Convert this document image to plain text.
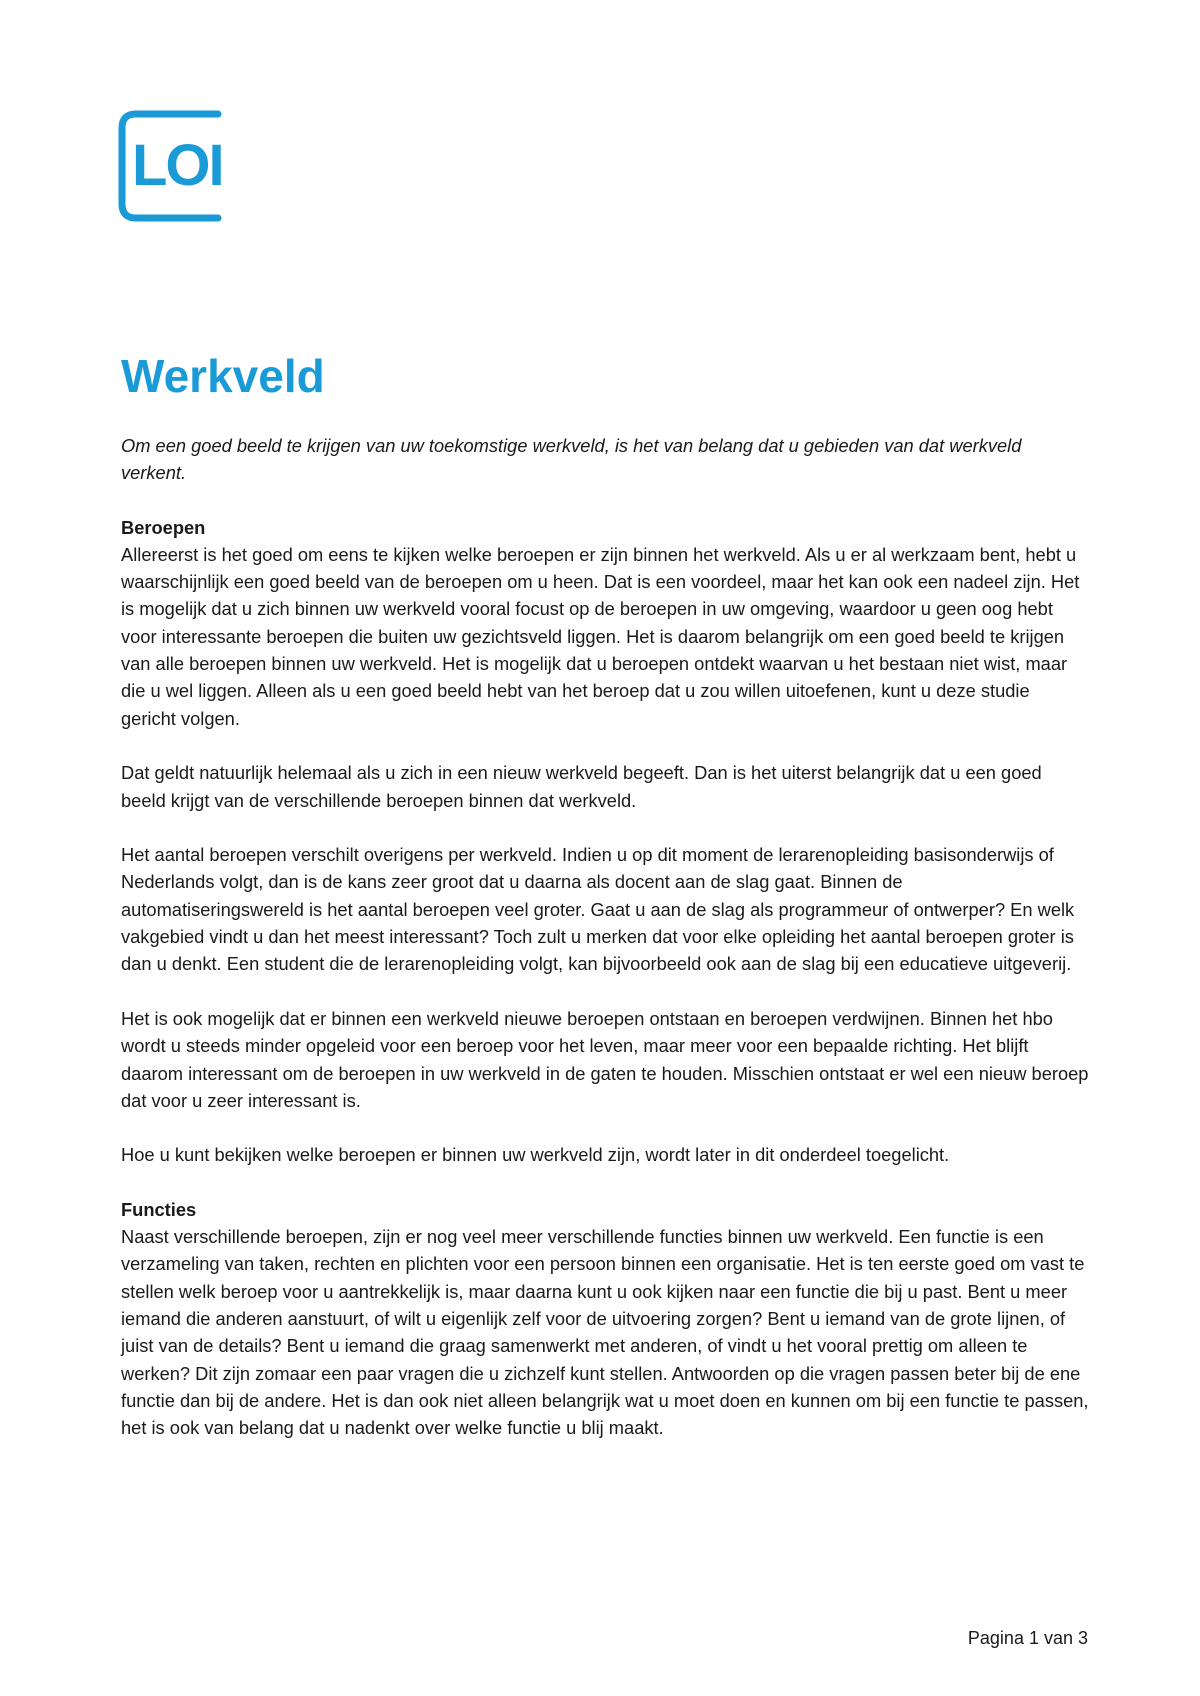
LOI
Werkveld

Om een goed beeld te krijgen van uw toekomstige werkveld, is het van belang dat u gebieden van dat werkveld verkent.

Beroepen

Allereerst is het goed om eens te kijken welke beroepen er zijn binnen het werkveld. Als u er al werkzaam bent, hebt u waarschijnlijk een goed beeld van de beroepen om u heen. Dat is een voordeel, maar het kan ook een nadeel zijn. Het is mogelijk dat u zich binnen uw werkveld vooral focust op de beroepen in uw omgeving, waardoor u geen oog hebt voor interessante beroepen die buiten uw gezichtsveld liggen. Het is daarom belangrijk om een goed beeld te krijgen van alle beroepen binnen uw werkveld. Het is mogelijk dat u beroepen ontdekt waarvan u het bestaan niet wist, maar die u wel liggen. Alleen als u een goed beeld hebt van het beroep dat u zou willen uitoefenen, kunt u deze studie gericht volgen.

Dat geldt natuurlijk helemaal als u zich in een nieuw werkveld begeeft. Dan is het uiterst belangrijk dat u een goed beeld krijgt van de verschillende beroepen binnen dat werkveld.

Het aantal beroepen verschilt overigens per werkveld. Indien u op dit moment de lerarenopleiding basisonderwijs of Nederlands volgt, dan is de kans zeer groot dat u daarna als docent aan de slag gaat. Binnen de automatiseringswereld is het aantal beroepen veel groter. Gaat u aan de slag als programmeur of ontwerper? En welk vakgebied vindt u dan het meest interessant? Toch zult u merken dat voor elke opleiding het aantal beroepen groter is dan u denkt. Een student die de lerarenopleiding volgt, kan bijvoorbeeld ook aan de slag bij een educatieve uitgeverij.

Het is ook mogelijk dat er binnen een werkveld nieuwe beroepen ontstaan en beroepen verdwijnen. Binnen het hbo wordt u steeds minder opgeleid voor een beroep voor het leven, maar meer voor een bepaalde richting. Het blijft daarom interessant om de beroepen in uw werkveld in de gaten te houden. Misschien ontstaat er wel een nieuw beroep dat voor u zeer interessant is.

Hoe u kunt bekijken welke beroepen er binnen uw werkveld zijn, wordt later in dit onderdeel toegelicht.

Functies

Naast verschillende beroepen, zijn er nog veel meer verschillende functies binnen uw werkveld. Een functie is een verzameling van taken, rechten en plichten voor een persoon binnen een organisatie. Het is ten eerste goed om vast te stellen welk beroep voor u aantrekkelijk is, maar daarna kunt u ook kijken naar een functie die bij u past. Bent u meer iemand die anderen aanstuurt, of wilt u eigenlijk zelf voor de uitvoering zorgen? Bent u iemand van de grote lijnen, of juist van de details? Bent u iemand die graag samenwerkt met anderen, of vindt u het vooral prettig om alleen te werken? Dit zijn zomaar een paar vragen die u zichzelf kunt stellen. Antwoorden op die vragen passen beter bij de ene functie dan bij de andere. Het is dan ook niet alleen belangrijk wat u moet doen en kunnen om bij een functie te passen, het is ook van belang dat u nadenkt over welke functie u blij maakt.

Pagina 1 van 3
